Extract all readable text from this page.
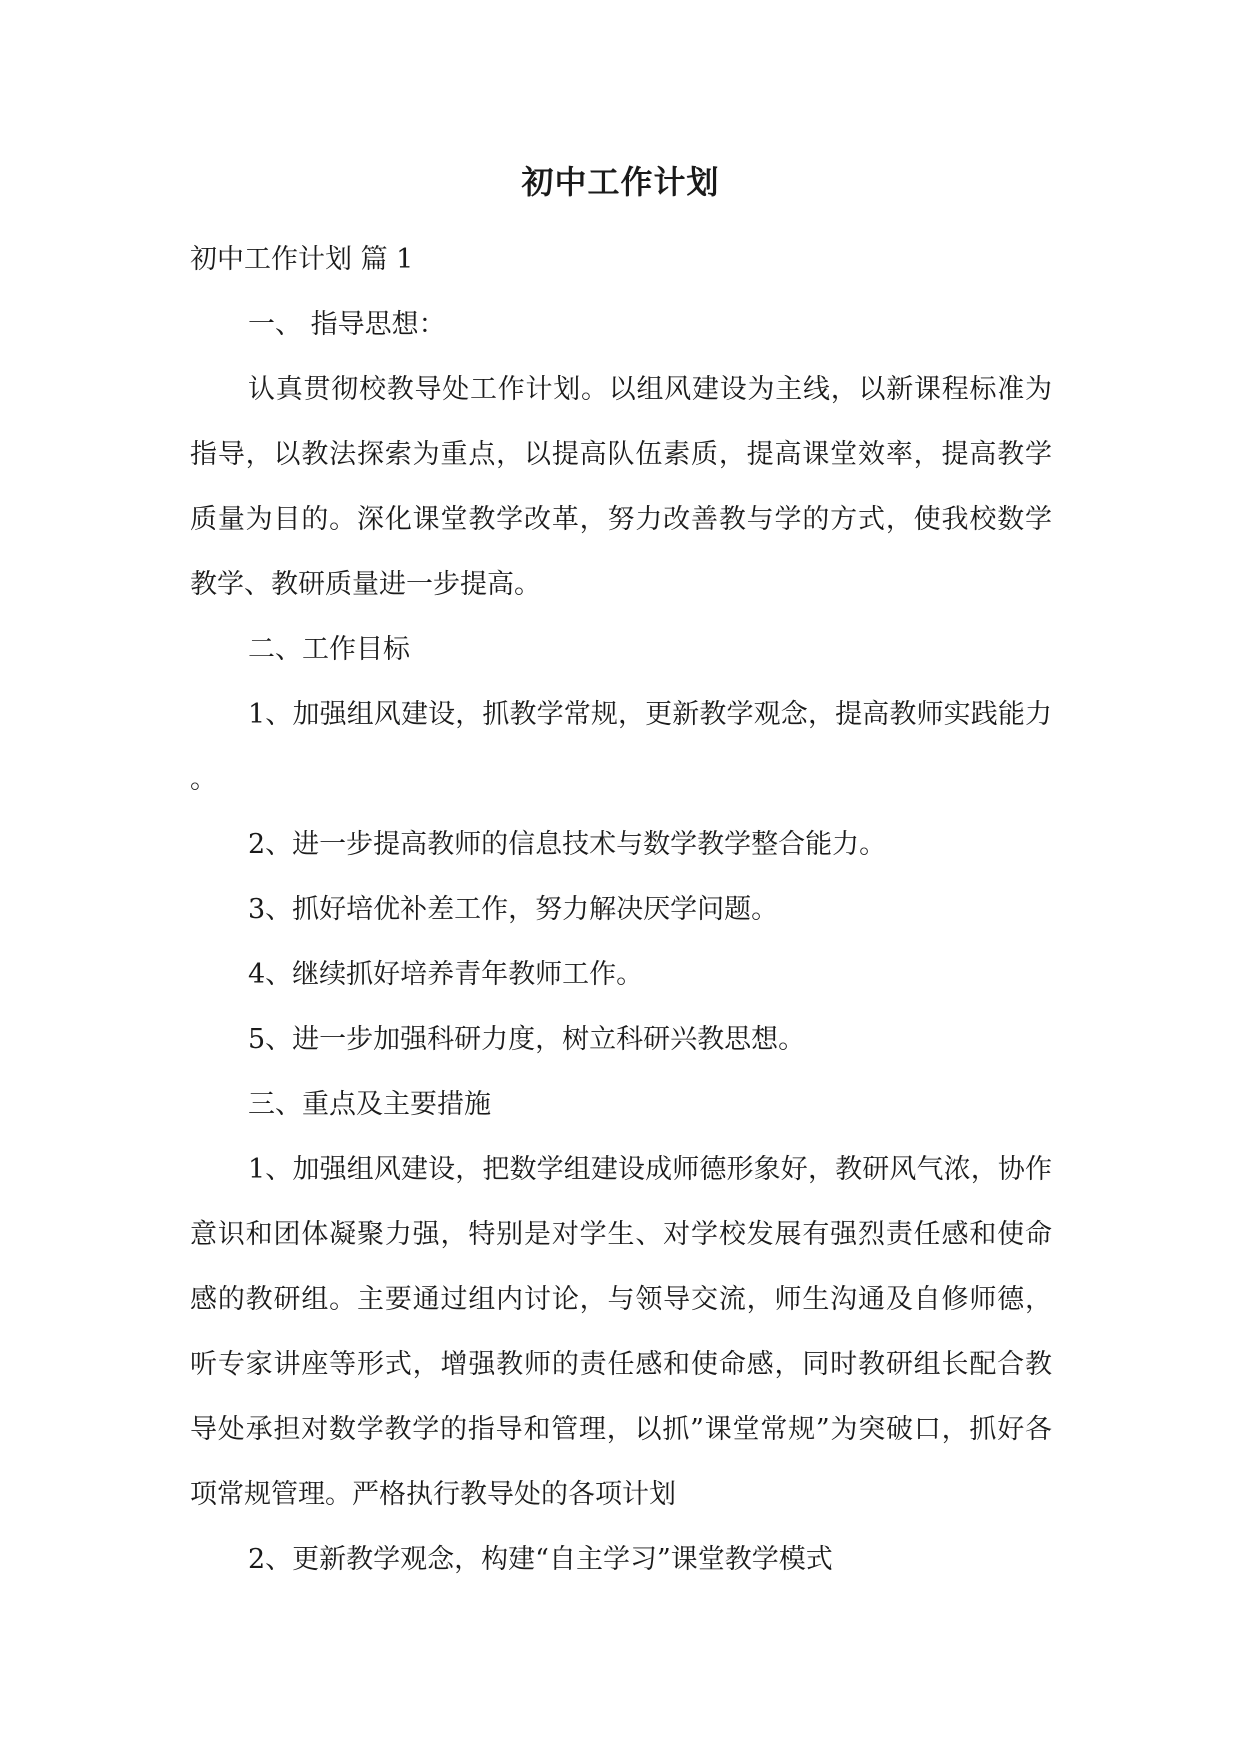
初中工作计划

初中工作计划 篇 1

一、 指导思想：

认真贯彻校教导处工作计划。以组风建设为主线，以新课程标准为指导，以教法探索为重点，以提高队伍素质，提高课堂效率，提高教学质量为目的。深化课堂教学改革，努力改善教与学的方式，使我校数学教学、教研质量进一步提高。

二、工作目标

1、加强组风建设，抓教学常规，更新教学观念，提高教师实践能力 。

2、进一步提高教师的信息技术与数学教学整合能力。

3、抓好培优补差工作，努力解决厌学问题。

4、继续抓好培养青年教师工作。

5、进一步加强科研力度，树立科研兴教思想。

三、重点及主要措施

1、加强组风建设，把数学组建设成师德形象好，教研风气浓，协作意识和团体凝聚力强，特别是对学生、对学校发展有强烈责任感和使命感的教研组。主要通过组内讨论，与领导交流，师生沟通及自修师德，听专家讲座等形式，增强教师的责任感和使命感，同时教研组长配合教导处承担对数学教学的指导和管理，以抓”课堂常规”为突破口，抓好各项常规管理。严格执行教导处的各项计划

2、更新教学观念，构建“自主学习”课堂教学模式
